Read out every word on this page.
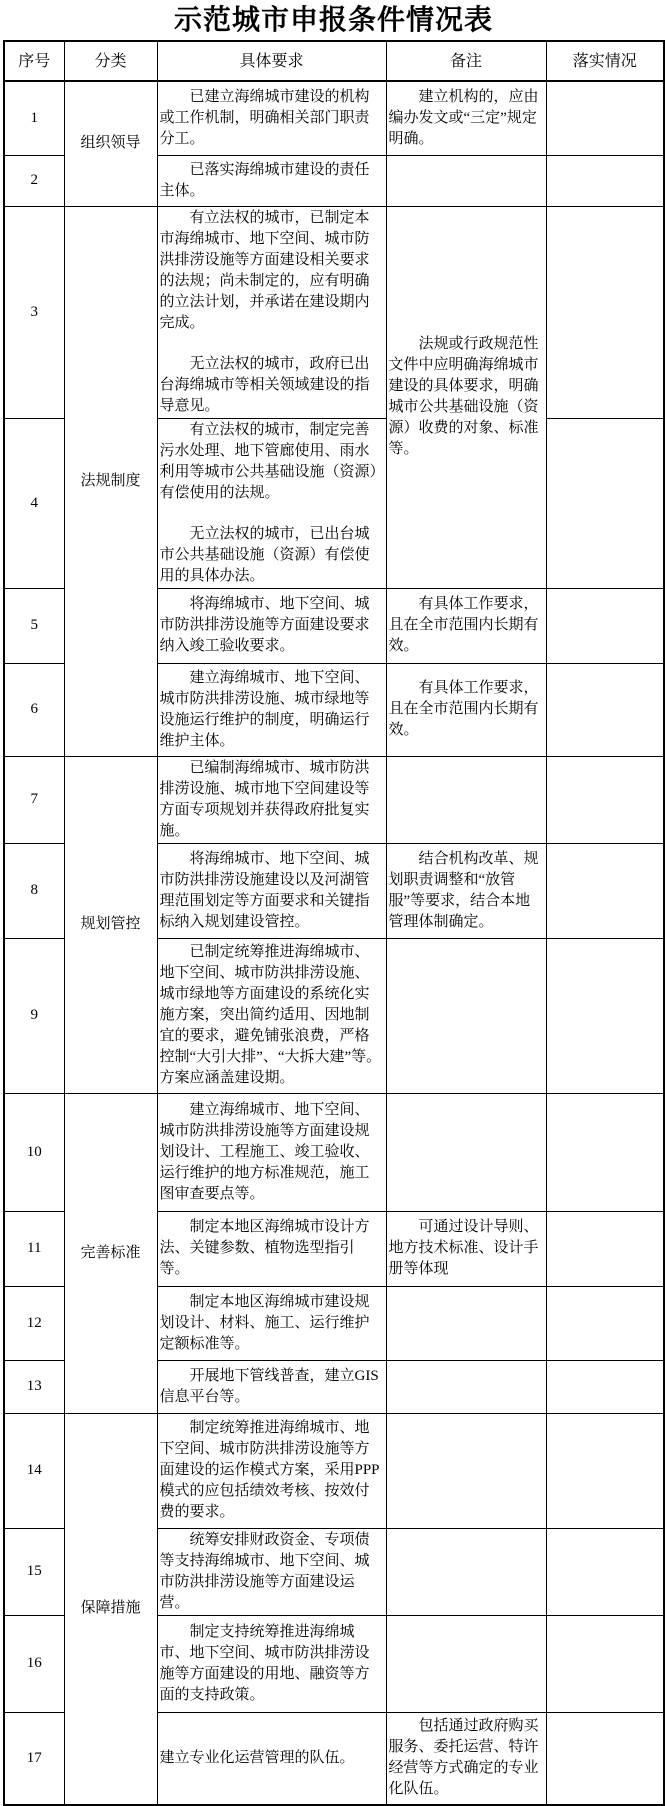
示范城市申报条件情况表
序号	分类	具体要求	备注	落实情况
1	组织领导	已建立海绵城市建设的机构或工作机制，明确相关部门职责分工。	建立机构的，应由编办发文或“三定”规定明确。	

2		已落实海绵城市建设的责任主体。		

3	法规制度	有立法权的城市，已制定本市海绵城市、地下空间、城市防洪排涝设施等方面建设相关要求的法规；尚未制定的，应有明确的立法计划，并承诺在建设期内完成。

无立法权的城市，政府已出台海绵城市等相关领域建设的指导意见。	法规或行政规范性文件中应明确海绵城市建设的具体要求，明确城市公共基础设施（资源）收费的对象、标准等。	

4		有立法权的城市，制定完善污水处理、地下管廊使用、雨水利用等城市公共基础设施（资源）有偿使用的法规。

无立法权的城市，已出台城市公共基础设施（资源）有偿使用的具体办法。		

5		将海绵城市、地下空间、城市防洪排涝设施等方面建设要求纳入竣工验收要求。	有具体工作要求，且在全市范围内长期有效。	

6		建立海绵城市、地下空间、城市防洪排涝设施、城市绿地等设施运行维护的制度，明确运行维护主体。	有具体工作要求，且在全市范围内长期有效。	

7	规划管控	已编制海绵城市、城市防洪排涝设施、城市地下空间建设等方面专项规划并获得政府批复实施。		

8		将海绵城市、地下空间、城市防洪排涝设施建设以及河湖管理范围划定等方面要求和关键指标纳入规划建设管控。	结合机构改革、规划职责调整和“放管服”等要求，结合本地管理体制确定。	

9		已制定统筹推进海绵城市、地下空间、城市防洪排涝设施、城市绿地等方面建设的系统化实施方案，突出简约适用、因地制宜的要求，避免铺张浪费，严格控制“大引大排”、“大拆大建”等。方案应涵盖建设期。		

10	完善标准	建立海绵城市、地下空间、城市防洪排涝设施等方面建设规划设计、工程施工、竣工验收、运行维护的地方标准规范，施工图审查要点等。		

11		制定本地区海绵城市设计方法、关键参数、植物选型指引等。	可通过设计导则、地方技术标准、设计手册等体现	

12		制定本地区海绵城市建设规划设计、材料、施工、运行维护定额标准等。		

13		开展地下管线普查，建立GIS信息平台等。		

14	保障措施	制定统筹推进海绵城市、地下空间、城市防洪排涝设施等方面建设的运作模式方案，采用PPP模式的应包括绩效考核、按效付费的要求。		

15		统筹安排财政资金、专项债等支持海绵城市、地下空间、城市防洪排涝设施等方面建设运营。		

16		制定支持统筹推进海绵城市、地下空间、城市防洪排涝设施等方面建设的用地、融资等方面的支持政策。		

17		建立专业化运营管理的队伍。	包括通过政府购买服务、委托运营、特许经营等方式确定的专业化队伍。	
